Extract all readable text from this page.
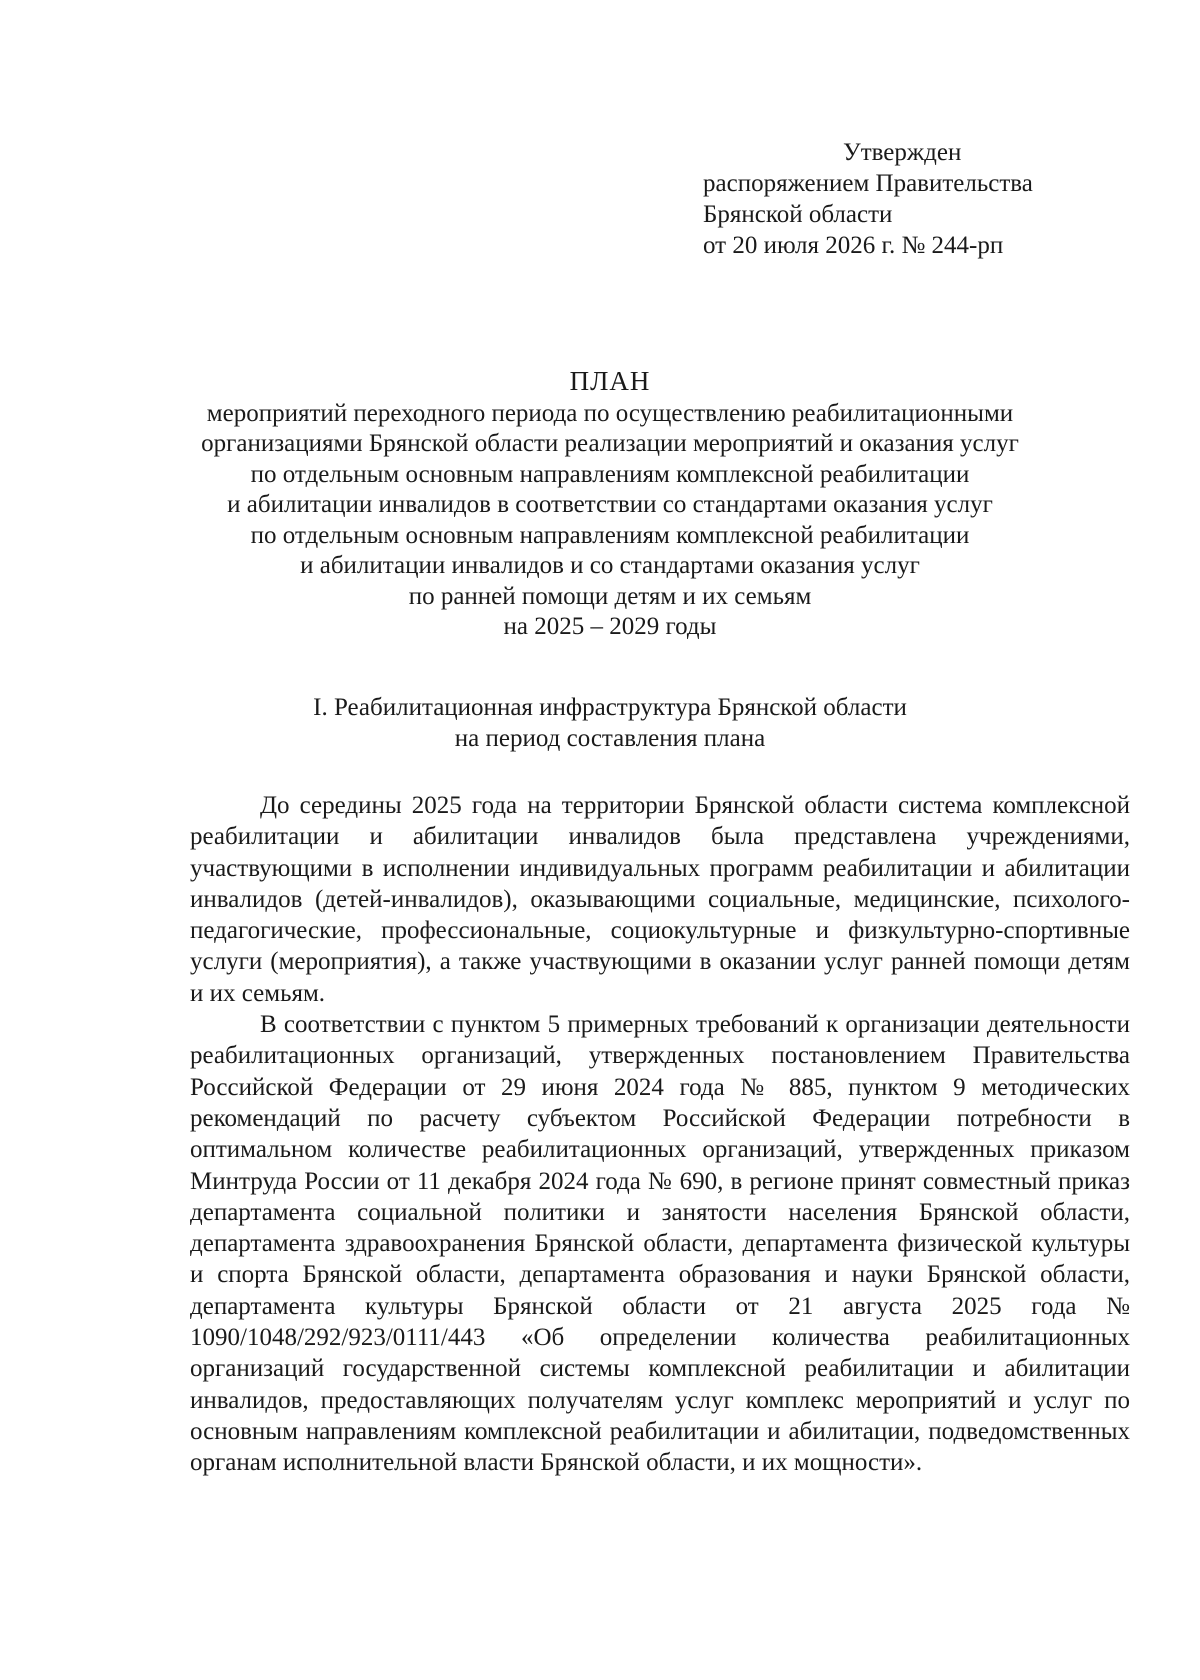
Утвержден
распоряжением Правительства
Брянской области
от 20 июля 2026 г. № 244-рп
ПЛАН
мероприятий переходного периода по осуществлению реабилитационными
организациями Брянской области реализации мероприятий и оказания услуг
по отдельным основным направлениям комплексной реабилитации
и абилитации инвалидов в соответствии со стандартами оказания услуг
по отдельным основным направлениям комплексной реабилитации
и абилитации инвалидов и со стандартами оказания услуг
по ранней помощи детям и их семьям
на 2025 – 2029 годы
I. Реабилитационная инфраструктура Брянской области
на период составления плана

До середины 2025 года на территории Брянской области система комплексной реабилитации и абилитации инвалидов была представлена учреждениями, участвующими в исполнении индивидуальных программ реабилитации и абилитации инвалидов (детей-инвалидов), оказывающими социальные, медицинские, психолого-педагогические, профессиональные, социокультурные и физкультурно-спортивные услуги (мероприятия), а также участвующими в оказании услуг ранней помощи детям и их семьям.

В соответствии с пунктом 5 примерных требований к организации деятельности реабилитационных организаций, утвержденных постановлением Правительства Российской Федерации от 29 июня 2024 года № 885, пунктом 9 методических рекомендаций по расчету субъектом Российской Федерации потребности в оптимальном количестве реабилитационных организаций, утвержденных приказом Минтруда России от 11 декабря 2024 года № 690, в регионе принят совместный приказ департамента социальной политики и занятости населения Брянской области, департамента здравоохранения Брянской области, департамента физической культуры и спорта Брянской области, департамента образования и науки Брянской области, департамента культуры Брянской области от 21 августа 2025 года № 1090/1048/292/923/0111/443 «Об определении количества реабилитационных организаций государственной системы комплексной реабилитации и абилитации инвалидов, предоставляющих получателям услуг комплекс мероприятий и услуг по основным направлениям комплексной реабилитации и абилитации, подведомственных органам исполнительной власти Брянской области, и их мощности».
